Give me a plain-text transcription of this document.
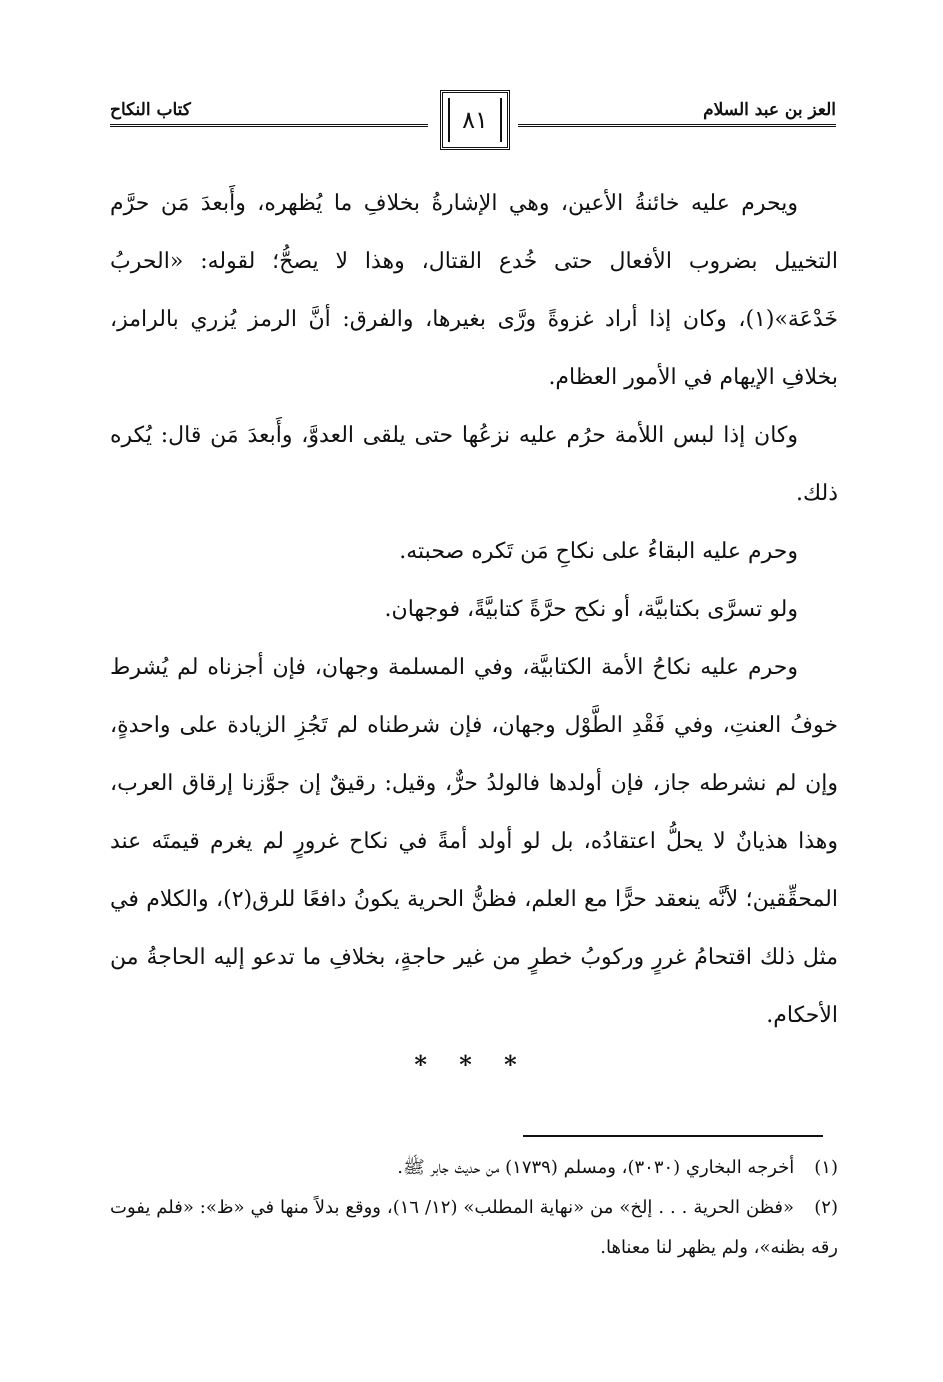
العز بن عبد السلام
٨١
كتاب النكاح

ويحرم عليه خائنةُ الأعين، وهي الإشارةُ بخلافِ ما يُظهره، وأَبعدَ مَن حرَّم التخييل بضروب الأفعال حتى خُدع القتال، وهذا لا يصحُّ؛ لقوله: «الحربُ خَدْعَة»(١)، وكان إذا أراد غزوةً ورَّى بغيرها، والفرق: أنَّ الرمز يُزري بالرامز، بخلافِ الإيهام في الأمور العظام.

وكان إذا لبس اللأمة حرُم عليه نزعُها حتى يلقى العدوَّ، وأَبعدَ مَن قال: يُكره ذلك.

وحرم عليه البقاءُ على نكاحِ مَن تَكره صحبته.

ولو تسرَّى بكتابيَّة، أو نكح حرَّةً كتابيَّةً، فوجهان.

وحرم عليه نكاحُ الأمة الكتابيَّة، وفي المسلمة وجهان، فإن أجزناه لم يُشرط خوفُ العنتِ، وفي فَقْدِ الطَّوْل وجهان، فإن شرطناه لم تَجُزِ الزيادة على واحدةٍ، وإن لم نشرطه جاز، فإن أولدها فالولدُ حرٌّ، وقيل: رقيقٌ إن جوَّزنا إرقاق العرب، وهذا هذيانٌ لا يحلُّ اعتقادُه، بل لو أولد أمةً في نكاح غرورٍ لم يغرم قيمتَه عند المحقِّقين؛ لأنَّه ينعقد حرًّا مع العلم، فظنُّ الحرية يكونُ دافعًا للرق(٢)، والكلام في مثل ذلك اقتحامُ غررٍ وركوبُ خطرٍ من غير حاجةٍ، بخلافِ ما تدعو إليه الحاجةُ من الأحكام.

* * *

(١) أخرجه البخاري (٣٠٣٠)، ومسلم (١٧٣٩) من حديث جابر ﷺ.

(٢) «فظن الحرية . . . إلخ» من «نهاية المطلب» (١٢/ ١٦)، ووقع بدلاً منها في «ظ»: «فلم يفوت رقه بظنه»، ولم يظهر لنا معناها.
